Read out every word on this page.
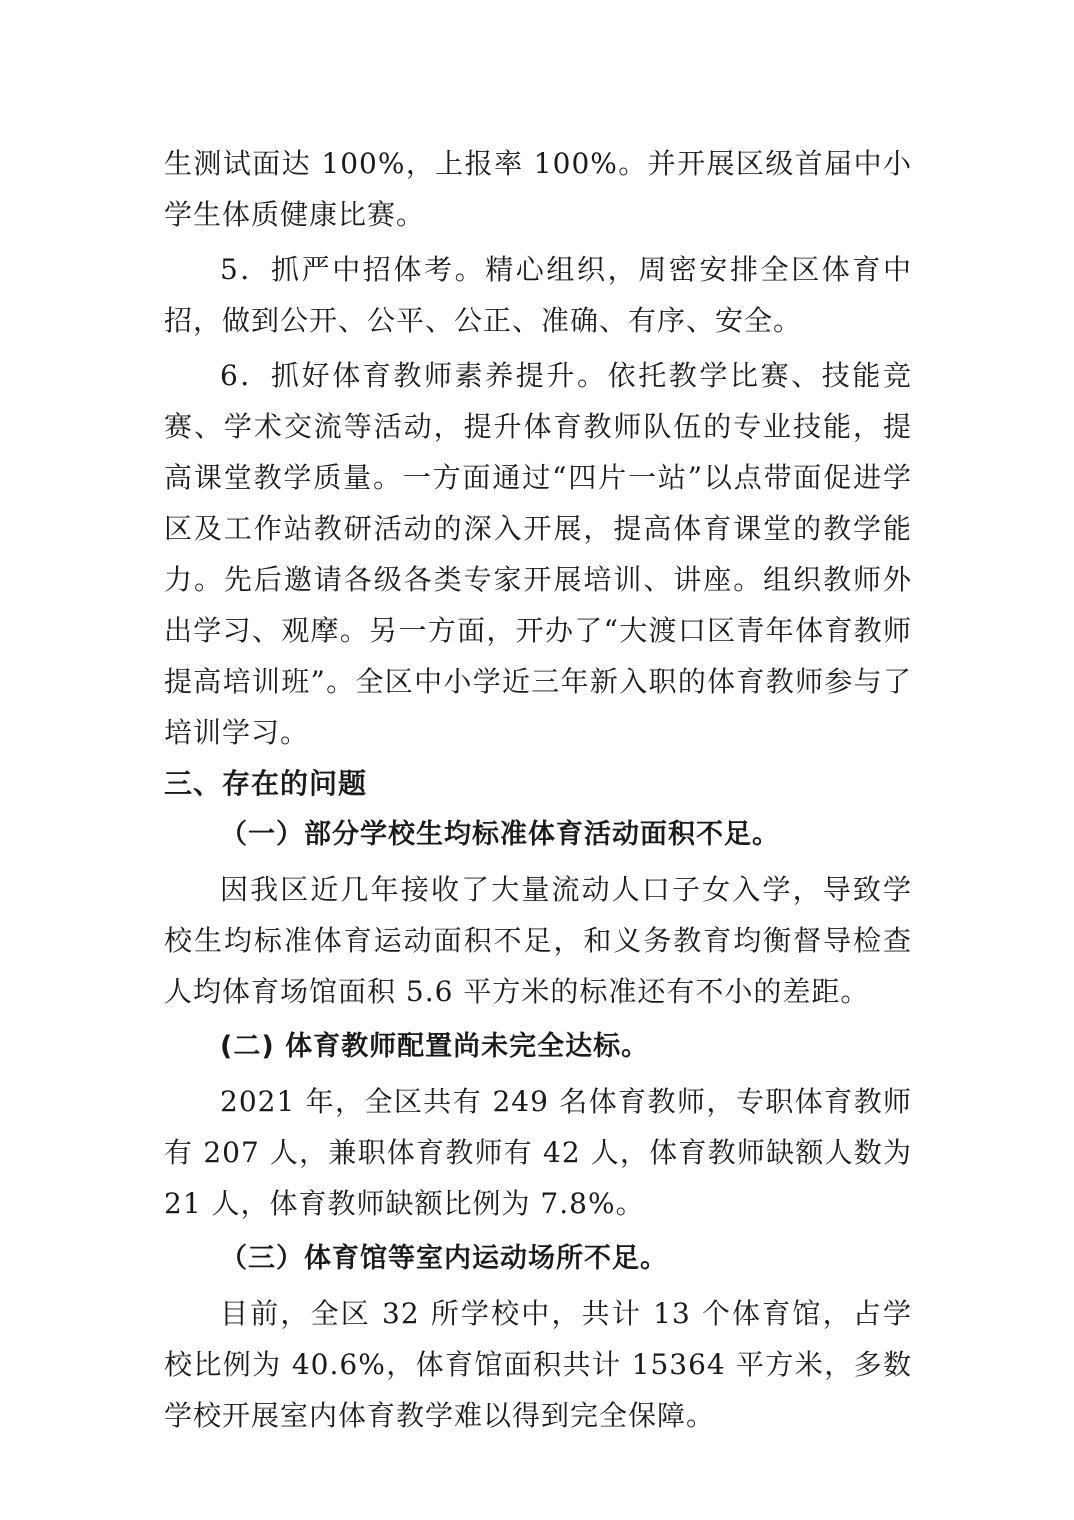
生测试面达 100%，上报率 100%。并开展区级首届中小学生体质健康比赛。

5．抓严中招体考。精心组织，周密安排全区体育中招，做到公开、公平、公正、准确、有序、安全。

6．抓好体育教师素养提升。依托教学比赛、技能竞赛、学术交流等活动，提升体育教师队伍的专业技能，提高课堂教学质量。一方面通过“四片一站”以点带面促进学区及工作站教研活动的深入开展，提高体育课堂的教学能力。先后邀请各级各类专家开展培训、讲座。组织教师外出学习、观摩。另一方面，开办了“大渡口区青年体育教师提高培训班”。全区中小学近三年新入职的体育教师参与了培训学习。

三、存在的问题

（一）部分学校生均标准体育活动面积不足。

因我区近几年接收了大量流动人口子女入学，导致学校生均标准体育运动面积不足，和义务教育均衡督导检查人均体育场馆面积 5.6 平方米的标准还有不小的差距。

(二) 体育教师配置尚未完全达标。

2021 年，全区共有 249 名体育教师，专职体育教师有 207 人，兼职体育教师有 42 人，体育教师缺额人数为 21 人，体育教师缺额比例为 7.8%。

（三）体育馆等室内运动场所不足。

目前，全区 32 所学校中，共计 13 个体育馆，占学校比例为 40.6%，体育馆面积共计 15364 平方米，多数学校开展室内体育教学难以得到完全保障。
